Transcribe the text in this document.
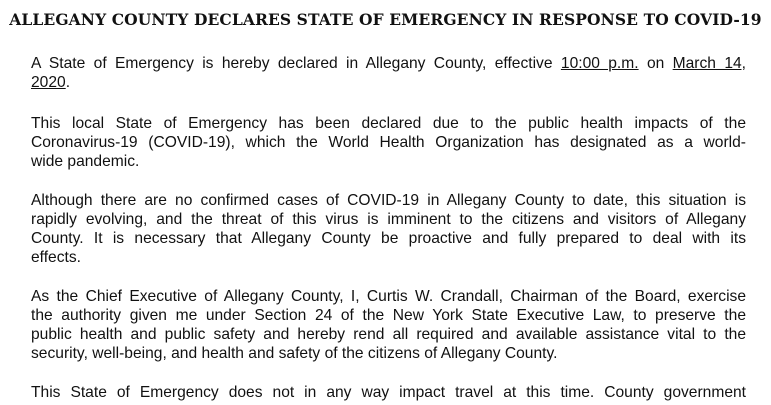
ALLEGANY COUNTY DECLARES STATE OF EMERGENCY IN RESPONSE TO COVID-19
A State of Emergency is hereby declared in Allegany County, effective 10:00 p.m. on March 14,
2020.
This local State of Emergency has been declared due to the public health impacts of the
Coronavirus-19 (COVID-19), which the World Health Organization has designated as a world-
wide pandemic.
Although there are no confirmed cases of COVID-19 in Allegany County to date, this situation is
rapidly evolving, and the threat of this virus is imminent to the citizens and visitors of Allegany
County. It is necessary that Allegany County be proactive and fully prepared to deal with its
effects.
As the Chief Executive of Allegany County, I, Curtis W. Crandall, Chairman of the Board, exercise
the authority given me under Section 24 of the New York State Executive Law, to preserve the
public health and public safety and hereby rend all required and available assistance vital to the
security, well-being, and health and safety of the citizens of Allegany County.
This State of Emergency does not in any way impact travel at this time. County government
